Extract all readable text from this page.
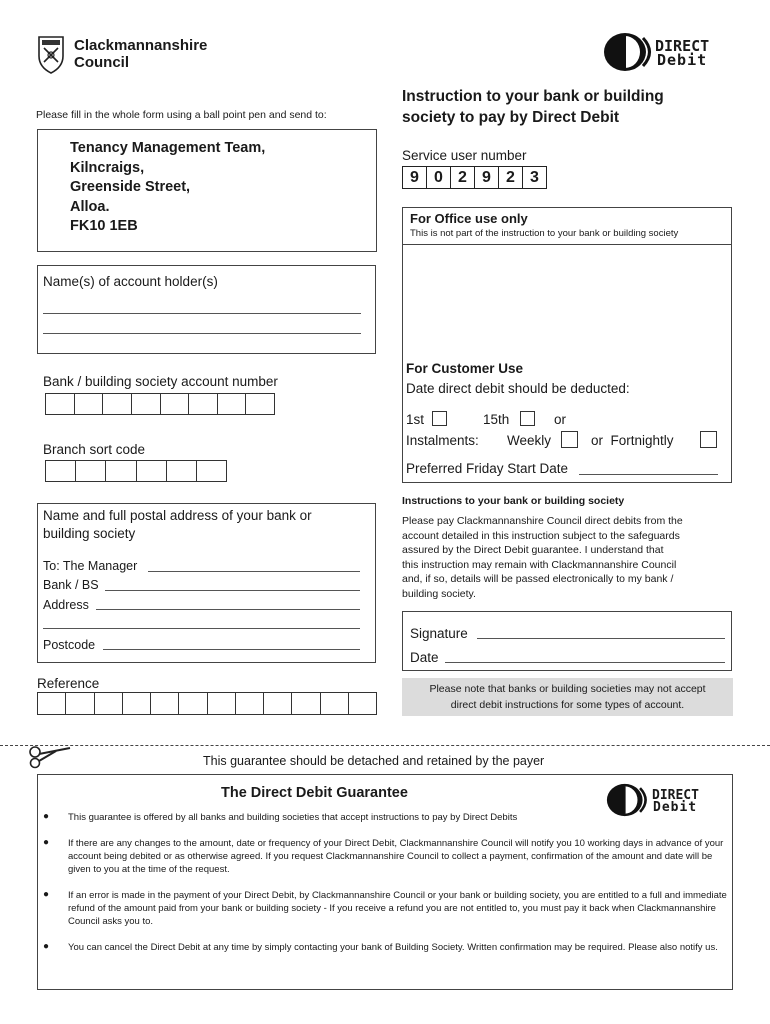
Clackmannanshire
Council
DIRECT
Debit
Please fill in the whole form using a ball point pen and send to:
Tenancy Management Team,
Kilncraigs,
Greenside Street,
Alloa.
FK10 1EB
Instruction to your bank or building
society to pay by Direct Debit
Service user number
9 0 2 9 2 3
For Office use only
This is not part of the instruction to your bank or building society
For Customer Use
Date direct debit should be deducted:
1st	15th	or
Instalments: Weekly	or  Fortnightly
Preferred Friday Start Date
Name(s) of account holder(s)
Bank / building society account number
Branch sort code
Name and full postal address of your bank or
building society
To: The Manager
Bank / BS
Address
Postcode
Instructions to your bank or building society
Please pay Clackmannanshire Council direct debits from the
account detailed in this instruction subject to the safeguards
assured by the Direct Debit guarantee. I understand that
this instruction may remain with Clackmannanshire Council
and, if so, details will be passed electronically to my bank /
building society.
Signature
Date
Reference	Please note that banks or building societies may not accept
direct debit instructions for some types of account.
This guarantee should be detached and retained by the payer
The Direct Debit Guarantee	DIRECT
Debit
● This guarantee is offered by all banks and building societies that accept instructions to pay by Direct Debits
● If there are any changes to the amount, date or frequency of your Direct Debit, Clackmannanshire Council will notify you 10 working days in advance of your account being debited or as otherwise agreed. If you request Clackmannanshire Council to collect a payment, confirmation of the amount and date will be given to you at the time of the request.
● If an error is made in the payment of your Direct Debit, by Clackmannanshire Council or your bank or building society, you are entitled to a full and immediate refund of the amount paid from your bank or building society - If you receive a refund you are not entitled to, you must pay it back when Clackmannanshire Council asks you to.
● You can cancel the Direct Debit at any time by simply contacting your bank of Building Society. Written confirmation may be required. Please also notify us.
